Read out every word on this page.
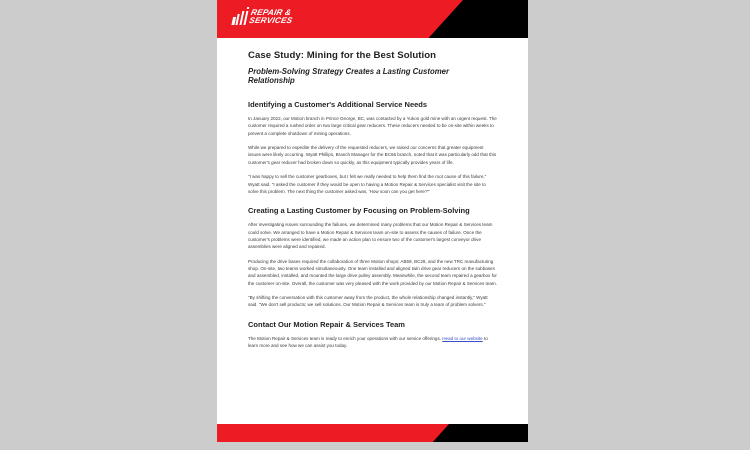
REPAIR &
SERVICES
Case Study: Mining for the Best Solution
Problem-Solving Strategy Creates a Lasting Customer Relationship
Identifying a Customer's Additional Service Needs

In January 2022, our Motion branch in Prince George, BC, was contacted by a Yukon gold mine with an urgent request. The customer required a rushed order on two large critical gear reducers. These reducers needed to be on-site within weeks to prevent a complete shutdown of mining operations.

While we prepared to expedite the delivery of the requested reducers, we raised our concerns that greater equipment issues were likely occurring. Wyatt Phillips, Branch Manager for the BC65 branch, noted that it was particularly odd that this customer's gear reducer had broken down so quickly, as this equipment typically provides years of life.

"I was happy to sell the customer gearboxes, but I felt we really needed to help them find the root cause of this failure," Wyatt said. "I asked the customer if they would be open to having a Motion Repair & Services specialist visit the site to solve this problem. The next thing the customer asked was, 'How soon can you get here?'"

Creating a Lasting Customer by Focusing on Problem-Solving

After investigating issues surrounding the failures, we determined many problems that our Motion Repair & Services team could solve. We arranged to have a Motion Repair & Services team on-site to assess the causes of failure. Once the customer's problems were identified, we made an action plan to ensure two of the customer's largest conveyor drive assemblies were aligned and repaired.

Producing the drive bases required the collaboration of three Motion shops: AB59, BC28, and the new TRC manufacturing shop. On-site, two teams worked simultaneously. One team installed and aligned twin drive gear reducers on the subbases and assembled, installed, and mounted the large drive pulley assembly. Meanwhile, the second team repaired a gearbox for the customer on-site. Overall, the customer was very pleased with the work provided by our Motion Repair & Services team.

"By shifting the conversation with this customer away from the product, the whole relationship changed instantly," Wyatt said. "We don't sell products; we sell solutions. Our Motion Repair & Services team is truly a team of problem solvers."

Contact Our Motion Repair & Services Team

The Motion Repair & Services team is ready to enrich your operations with our service offerings. Head to our website to learn more and see how we can assist you today.
